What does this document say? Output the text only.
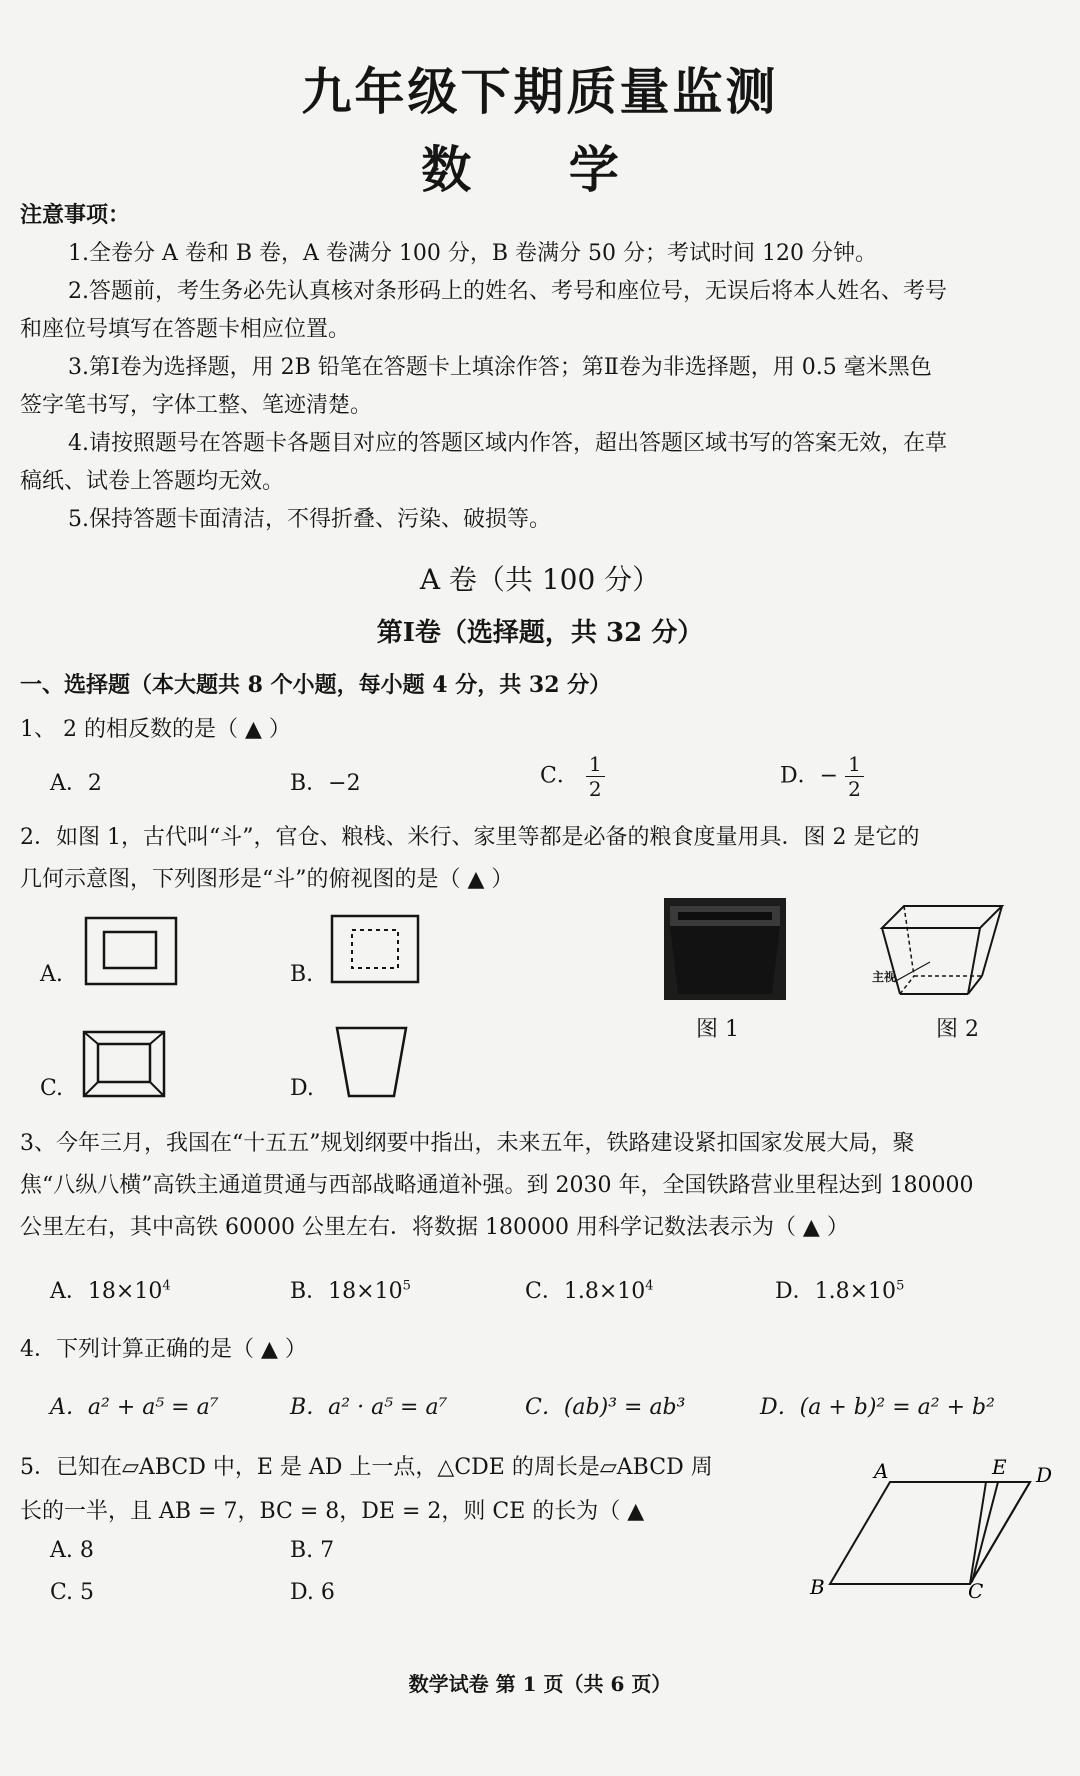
九年级下期质量监测
数 学
注意事项：
1.全卷分 A 卷和 B 卷，A 卷满分 100 分，B 卷满分 50 分；考试时间 120 分钟。
2.答题前，考生务必先认真核对条形码上的姓名、考号和座位号，无误后将本人姓名、考号
和座位号填写在答题卡相应位置。
3.第Ⅰ卷为选择题，用 2B 铅笔在答题卡上填涂作答；第Ⅱ卷为非选择题，用 0.5 毫米黑色
签字笔书写，字体工整、笔迹清楚。
4.请按照题号在答题卡各题目对应的答题区域内作答，超出答题区域书写的答案无效，在草
稿纸、试卷上答题均无效。
5.保持答题卡面清洁，不得折叠、污染、破损等。
A 卷（共 100 分）
第Ⅰ卷（选择题，共 32 分）
一、选择题（本大题共 8 个小题，每小题 4 分，共 32 分）
1、 2 的相反数的是（ ▲ ）
A．2	B．−2	C． $\frac{1}{2}$	D．− $\frac{1}{2}$
2．如图 1，古代叫“斗”，官仓、粮栈、米行、家里等都是必备的粮食度量用具．图 2 是它的
几何示意图，下列图形是“斗”的俯视图的是（ ▲ ）
A.	B.
C.	D.
图 1
主视
图 2
3、今年三月，我国在“十五五”规划纲要中指出，未来五年，铁路建设紧扣国家发展大局，聚
焦“八纵八横”高铁主通道贯通与西部战略通道补强。到 2030 年，全国铁路营业里程达到 180000
公里左右，其中高铁 60000 公里左右．将数据 180000 用科学记数法表示为（ ▲ ）
A．$18\times 10^4$	B．$18\times 10^5$	C．$1.8\times 10^4$	D．$1.8\times 10^5$
4．下列计算正确的是（ ▲ ）
A．a² + a⁵ = a⁷	B．a² · a⁵ = a⁷	C．(ab)³ = ab³	D．(a + b)² = a² + b²
5．已知在▱ABCD 中，E 是 AD 上一点，△CDE 的周长是▱ABCD 周
长的一半，且 AB = 7，BC = 8，DE = 2，则 CE 的长为（ ▲
A. 8	B. 7
C. 5	D. 6
A	E D
B	C
数学试卷 第 1 页（共 6 页）
